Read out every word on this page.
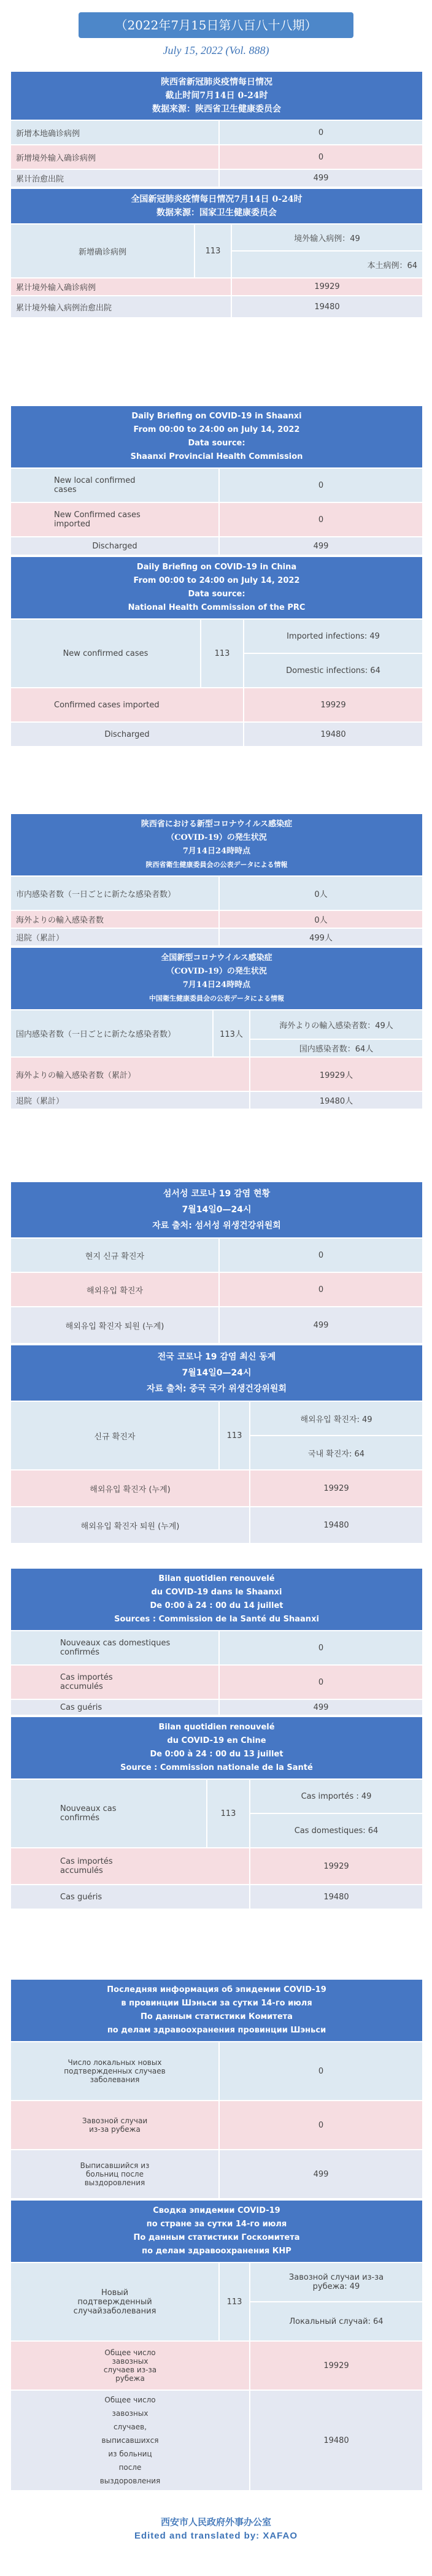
（2022年7月15日第八百八十八期）
July 15, 2022 (Vol. 888)
陕西省新冠肺炎疫情每日情况
截止时间7月14日 0-24时
数据来源：陕西省卫生健康委员会	

新增本地确诊病例	0
新增境外输入确诊病例	0
累计治愈出院	499
全国新冠肺炎疫情每日情况7月14日 0-24时
数据来源：国家卫生健康委员会		

新增确诊病例	113	境外输入病例：49
		本土病例：64
累计境外输入确诊病例		19929
累计境外输入病例治愈出院		19480
Daily Briefing on COVID-19 in Shaanxi
From 00:00 to 24:00 on July 14, 2022
Data source:
Shaanxi Provincial Health Commission	

New local confirmed cases	0
New Confirmed cases imported	0
Discharged	499
Daily Briefing on COVID-19 in China
From 00:00 to 24:00 on July 14, 2022
Data source:
National Health Commission of the PRC		

New confirmed cases	113	Imported infections: 49
		Domestic infections: 64
Confirmed cases imported		19929
Discharged		19480
陕西省における新型コロナウイルス感染症
（COVID-19）の発生状況
7月14日24時時点
陕西省衛生健康委員会の公表データによる情報	

市内感染者数（一日ごとに新たな感染者数）	0人
海外よりの輸入感染者数	0人
退院（累計）	499人
全国新型コロナウイルス感染症
（COVID-19）の発生状況
7月14日24時時点
中国衛生健康委員会の公表データによる情報		

国内感染者数（一日ごとに新たな感染者数）	113人	海外よりの輸入感染者数：49人
		国内感染者数：64人
海外よりの輸入感染者数（累計）		19929人
退院（累計）		19480人
섬서성 코로나 19 감염 현황
7월14일0—24시
자료 출처: 섬서성 위생건강위원회	

현지 신규 확진자	0
해외유입 확진자	0
해외유입 확진자 퇴원 (누계)	499
전국 코로나 19 감염 최신 동계
7월14일0—24시
자료 출처: 중국 국가 위생건강위원회		

신규 확진자	113	해외유입 확진자: 49
		국내 확진자: 64
해외유입 확진자 (누계)		19929
해외유입 확진자 퇴원 (누계)		19480
Bilan quotidien renouvelé
du COVID-19 dans le Shaanxi
De 0:00 à 24 : 00 du 14 juillet
Sources : Commission de la Santé du Shaanxi	

Nouveaux cas domestiques confirmés	0
Cas importés accumulés	0
Cas guéris	499
Bilan quotidien renouvelé
du COVID-19 en Chine
De 0:00 à 24 : 00 du 13 juillet
Source : Commission nationale de la Santé		

Nouveaux cas confirmés	113	Cas importés : 49
		Cas domestiques: 64
Cas importés accumulés		19929
Cas guéris		19480
Последняя информация об эпидемии COVID-19
в провинции Шэньси за сутки 14-го июля
По данным статистики Комитета
по делам здравоохранения провинции Шэньси	

Число локальных новых подтвержденных случаев заболевания	0
Завозной случаи из-за рубежа	0
Выписавшийся из больниц после выздоровления	499
Сводка эпидемии COVID-19
по стране за сутки 14-го июля
По данным статистики Госкомитета
по делам здравоохранения КНР		

Новый подтвержденный случайзаболевания	113	Завозной случаи из-за рубежа: 49
		Локальный случай: 64
Общее число завозных случаев из-за рубежа		19929
Общее число завозных случаев, выписавшихся из больниц после выздоровления		19480
西安市人民政府外事办公室
Edited and translated by: XAFAO
